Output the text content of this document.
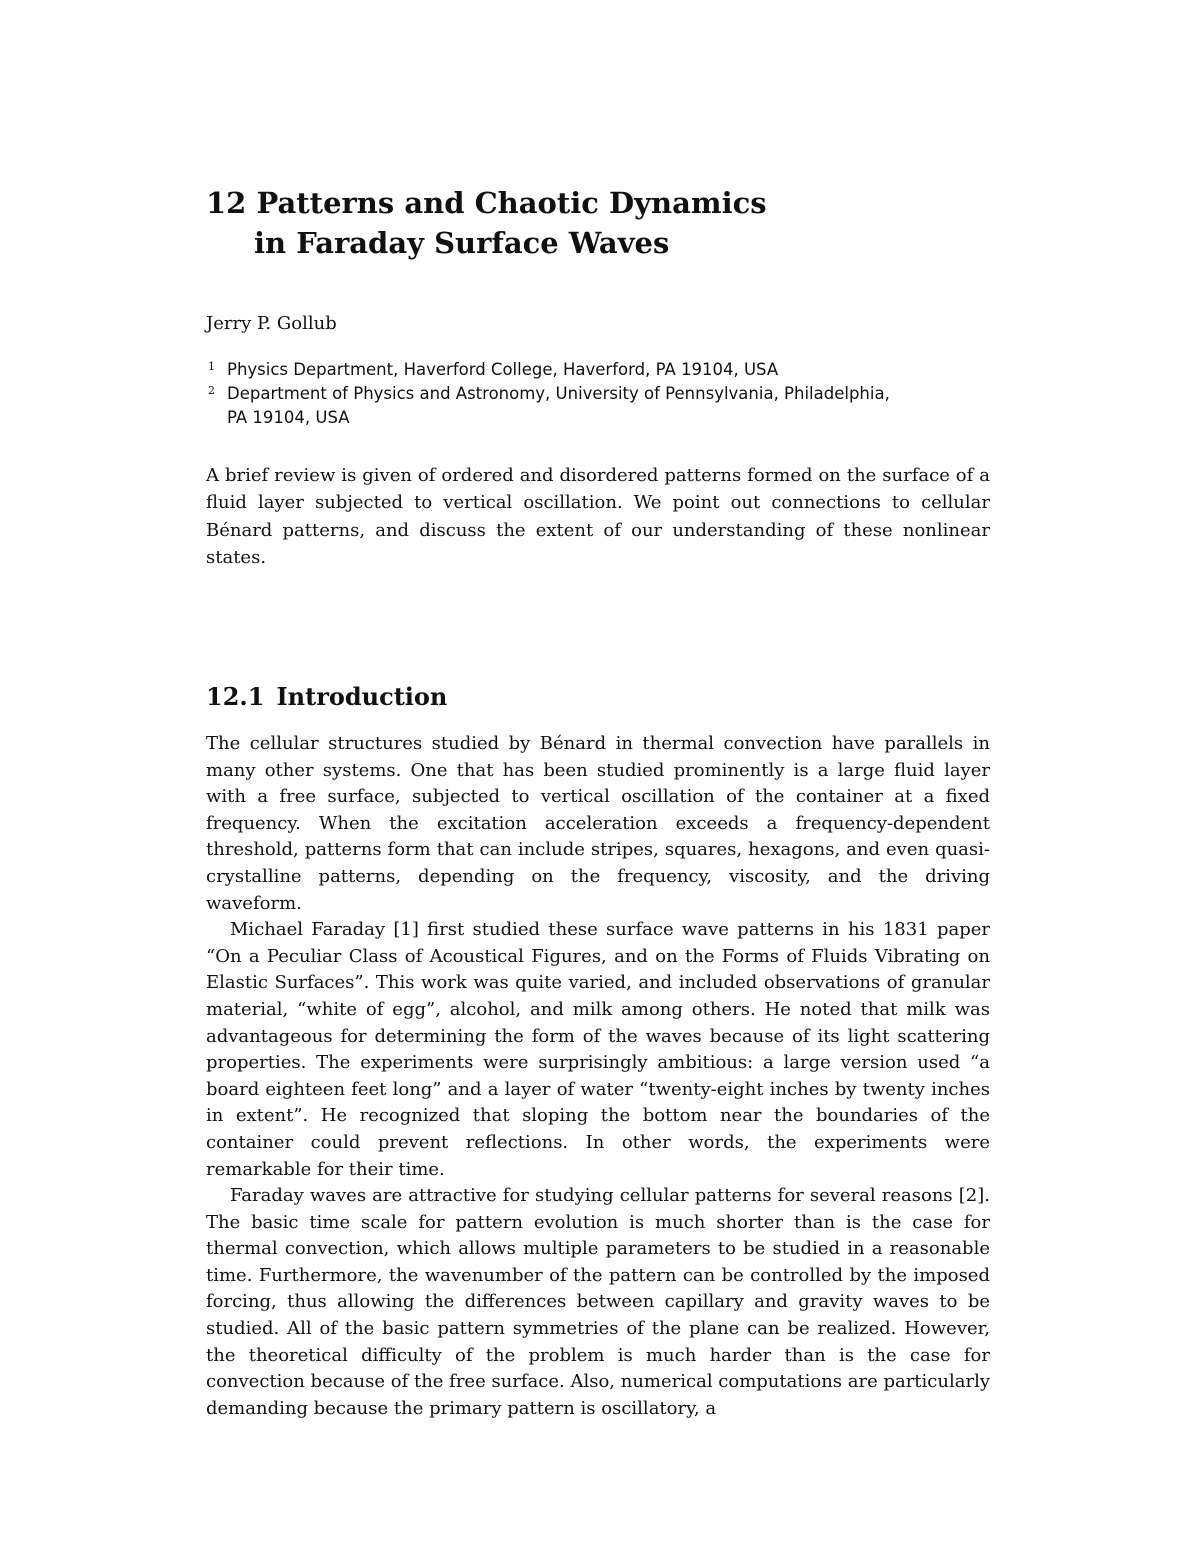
12 Patterns and Chaotic Dynamics
in Faraday Surface Waves
Jerry P. Gollub
1 Physics Department, Haverford College, Haverford, PA 19104, USA
2 Department of Physics and Astronomy, University of Pennsylvania, Philadelphia,
PA 19104, USA
A brief review is given of ordered and disordered patterns formed on the surface of a fluid layer subjected to vertical oscillation. We point out connections to cellular Bénard patterns, and discuss the extent of our understanding of these nonlinear states.
12.1 Introduction

The cellular structures studied by Bénard in thermal convection have parallels in many other systems. One that has been studied prominently is a large fluid layer with a free surface, subjected to vertical oscillation of the container at a fixed frequency. When the excitation acceleration exceeds a frequency-dependent threshold, patterns form that can include stripes, squares, hexagons, and even quasi-crystalline patterns, depending on the frequency, viscosity, and the driving waveform.

Michael Faraday [1] first studied these surface wave patterns in his 1831 paper “On a Peculiar Class of Acoustical Figures, and on the Forms of Fluids Vibrating on Elastic Surfaces”. This work was quite varied, and included observations of granular material, “white of egg”, alcohol, and milk among others. He noted that milk was advantageous for determining the form of the waves because of its light scattering properties. The experiments were surprisingly ambitious: a large version used “a board eighteen feet long” and a layer of water “twenty-eight inches by twenty inches in extent”. He recognized that sloping the bottom near the boundaries of the container could prevent reflections. In other words, the experiments were remarkable for their time.

Faraday waves are attractive for studying cellular patterns for several reasons [2]. The basic time scale for pattern evolution is much shorter than is the case for thermal convection, which allows multiple parameters to be studied in a reasonable time. Furthermore, the wavenumber of the pattern can be controlled by the imposed forcing, thus allowing the differences between capillary and gravity waves to be studied. All of the basic pattern symmetries of the plane can be realized. However, the theoretical difficulty of the problem is much harder than is the case for convection because of the free surface. Also, numerical computations are particularly demanding because the primary pattern is oscillatory, a
